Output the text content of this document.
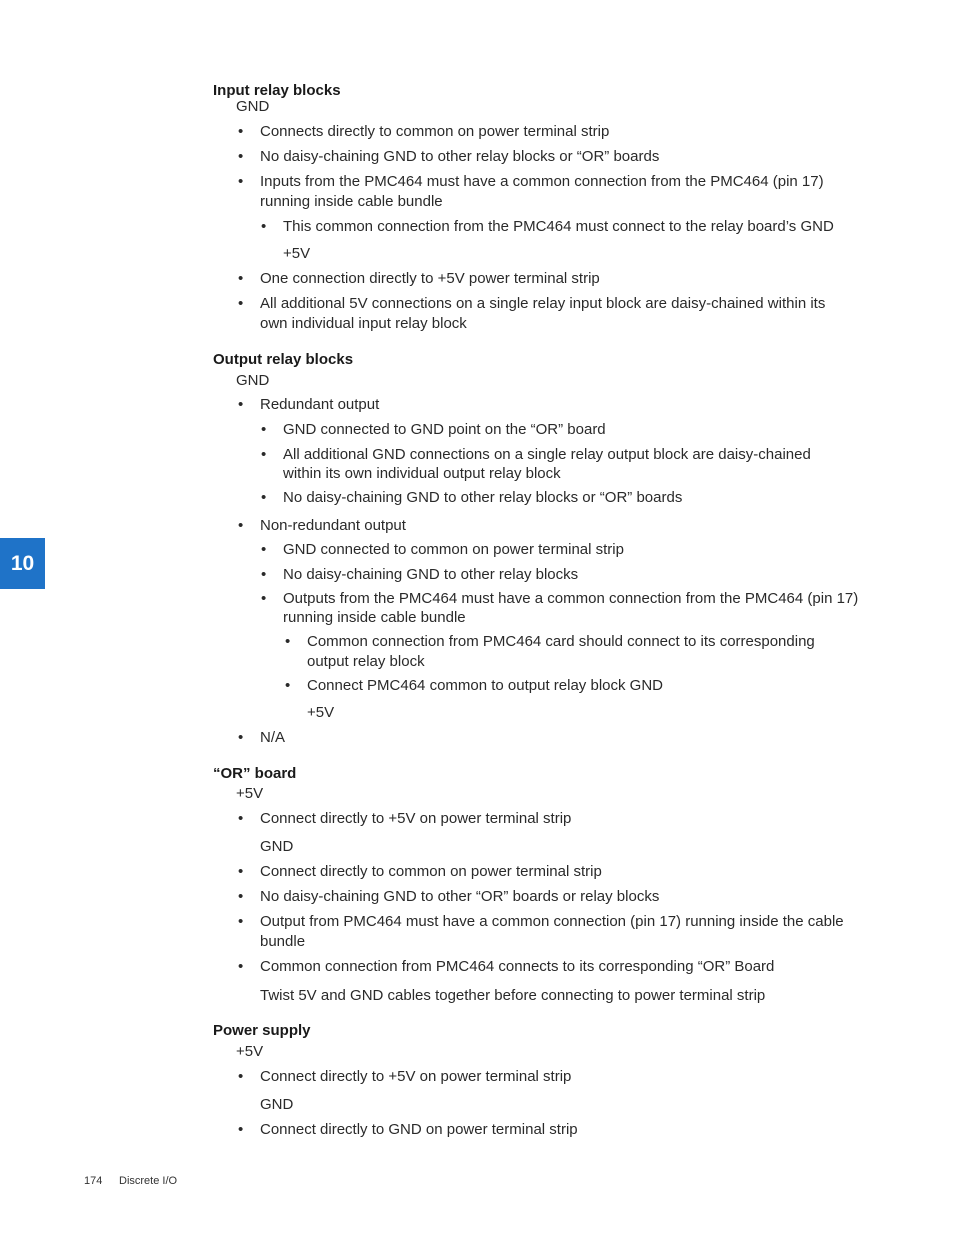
10
Input relay blocks
GND
• Connects directly to common on power terminal strip
• No daisy-chaining GND to other relay blocks or “OR” boards
• Inputs from the PMC464 must have a common connection from the PMC464 (pin 17)
running inside cable bundle
• This common connection from the PMC464 must connect to the relay board’s GND
+5V
• One connection directly to +5V power terminal strip
• All additional 5V connections on a single relay input block are daisy-chained within its
own individual input relay block
Output relay blocks
GND
• Redundant output
• GND connected to GND point on the “OR” board
• All additional GND connections on a single relay output block are daisy-chained
within its own individual output relay block
• No daisy-chaining GND to other relay blocks or “OR” boards
• Non-redundant output
• GND connected to common on power terminal strip
• No daisy-chaining GND to other relay blocks
• Outputs from the PMC464 must have a common connection from the PMC464 (pin 17)
running inside cable bundle
• Common connection from PMC464 card should connect to its corresponding
output relay block
• Connect PMC464 common to output relay block GND
+5V
• N/A
“OR” board
+5V
• Connect directly to +5V on power terminal strip
GND
• Connect directly to common on power terminal strip
• No daisy-chaining GND to other “OR” boards or relay blocks
• Output from PMC464 must have a common connection (pin 17) running inside the cable
bundle
• Common connection from PMC464 connects to its corresponding “OR” Board
Twist 5V and GND cables together before connecting to power terminal strip
Power supply
+5V
• Connect directly to +5V on power terminal strip
GND
• Connect directly to GND on power terminal strip
174 Discrete I/O
